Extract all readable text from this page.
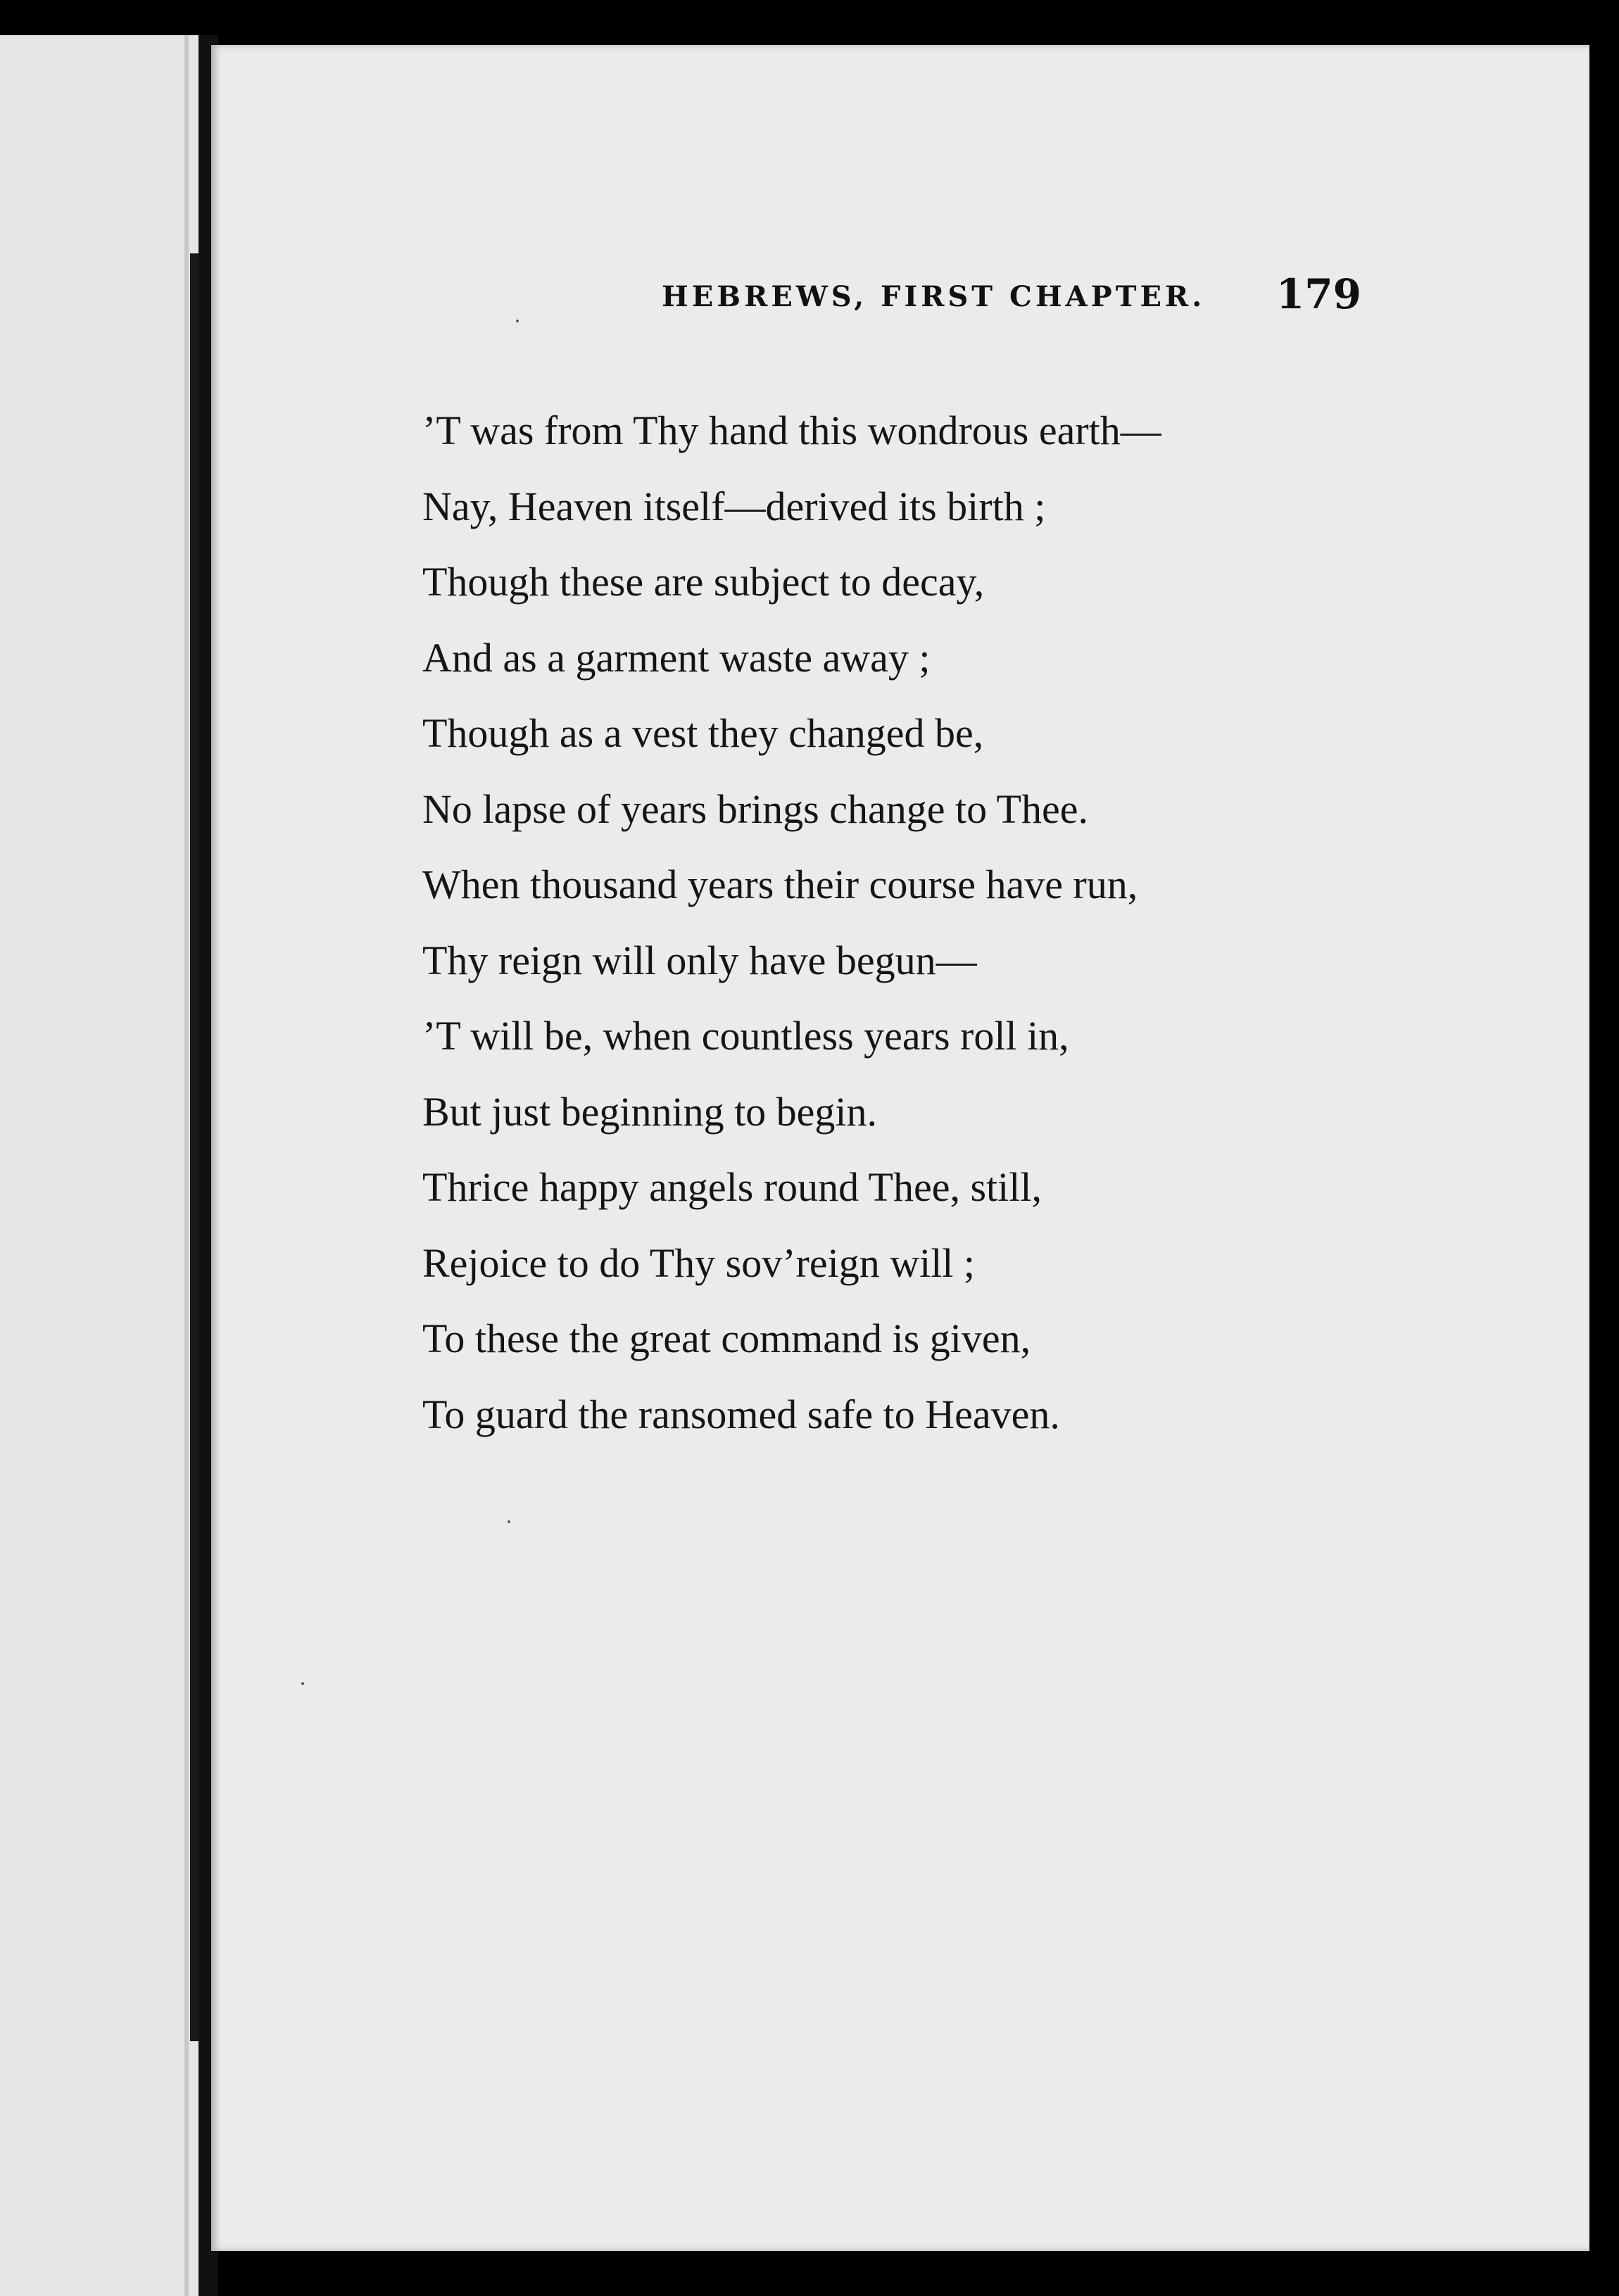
HEBREWS, FIRST CHAPTER. 179
’T was from Thy hand this wondrous earth—
Nay, Heaven itself—derived its birth ;
Though these are subject to decay,
And as a garment waste away ;
Though as a vest they changed be,
No lapse of years brings change to Thee.
When thousand years their course have run,
Thy reign will only have begun—
’T will be, when countless years roll in,
But just beginning to begin.
Thrice happy angels round Thee, still,
Rejoice to do Thy sov’reign will ;
To these the great command is given,
To guard the ransomed safe to Heaven.
